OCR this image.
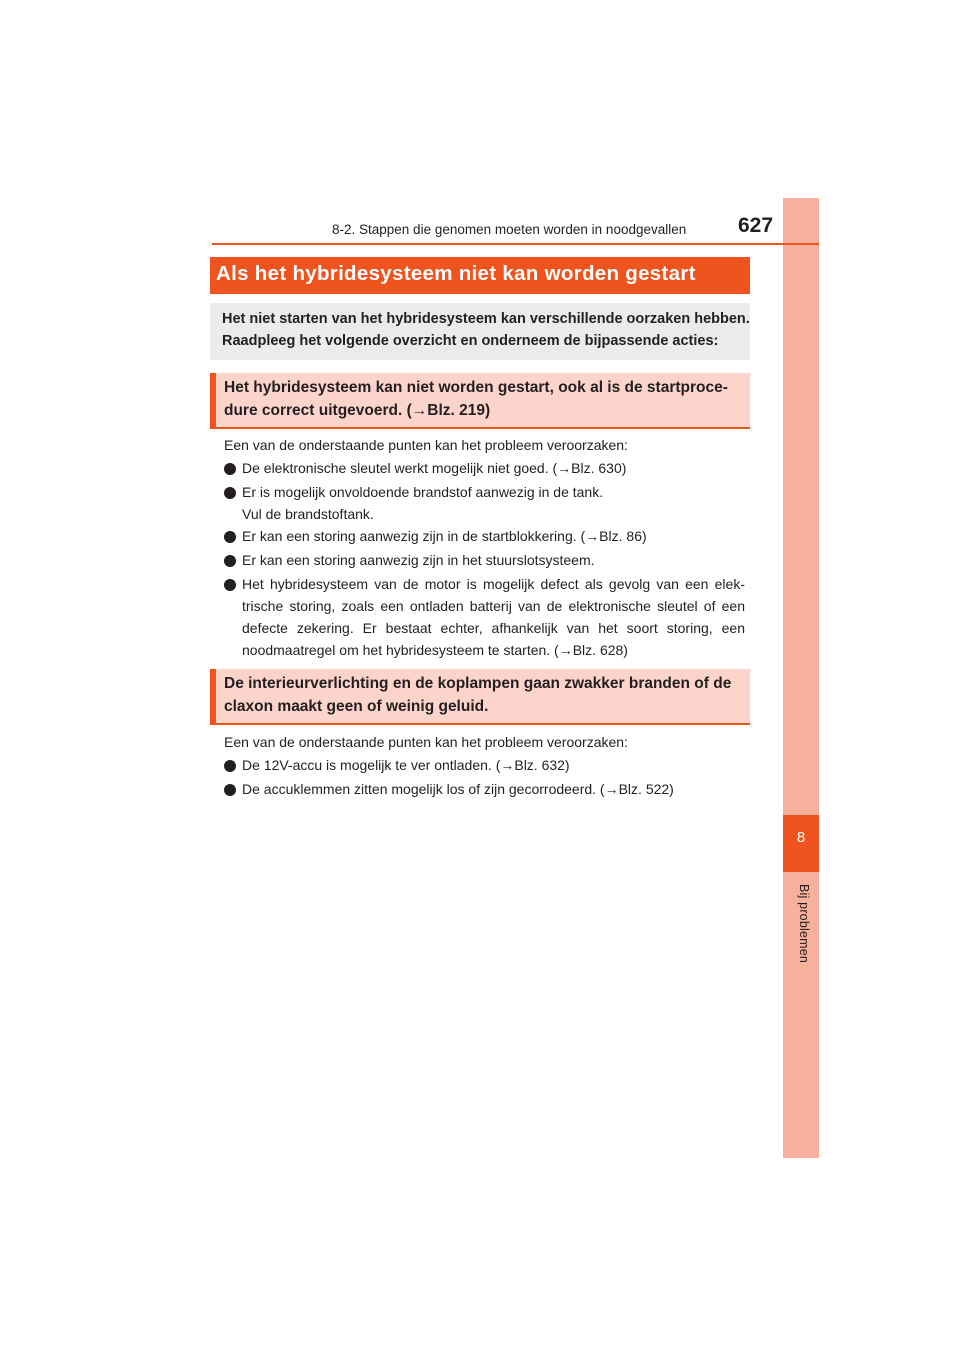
8
Bij problemen
8-2. Stappen die genomen moeten worden in noodgevallen 627
Als het hybridesysteem niet kan worden gestart
Het niet starten van het hybridesysteem kan verschillende oorzaken hebben.
Raadpleeg het volgende overzicht en onderneem de bijpassende acties:
Het hybridesysteem kan niet worden gestart, ook al is de startproce-
dure correct uitgevoerd. (→Blz. 219)
Een van de onderstaande punten kan het probleem veroorzaken:
De elektronische sleutel werkt mogelijk niet goed. (→Blz. 630)
Er is mogelijk onvoldoende brandstof aanwezig in de tank.
Vul de brandstoftank.
Er kan een storing aanwezig zijn in de startblokkering. (→Blz. 86)
Er kan een storing aanwezig zijn in het stuurslotsysteem.
Het hybridesysteem van de motor is mogelijk defect als gevolg van een elek-
trische storing, zoals een ontladen batterij van de elektronische sleutel of een
defecte zekering. Er bestaat echter, afhankelijk van het soort storing, een
noodmaatregel om het hybridesysteem te starten. (→Blz. 628)
De interieurverlichting en de koplampen gaan zwakker branden of de
claxon maakt geen of weinig geluid.
Een van de onderstaande punten kan het probleem veroorzaken:
De 12V-accu is mogelijk te ver ontladen. (→Blz. 632)
De accuklemmen zitten mogelijk los of zijn gecorrodeerd. (→Blz. 522)
